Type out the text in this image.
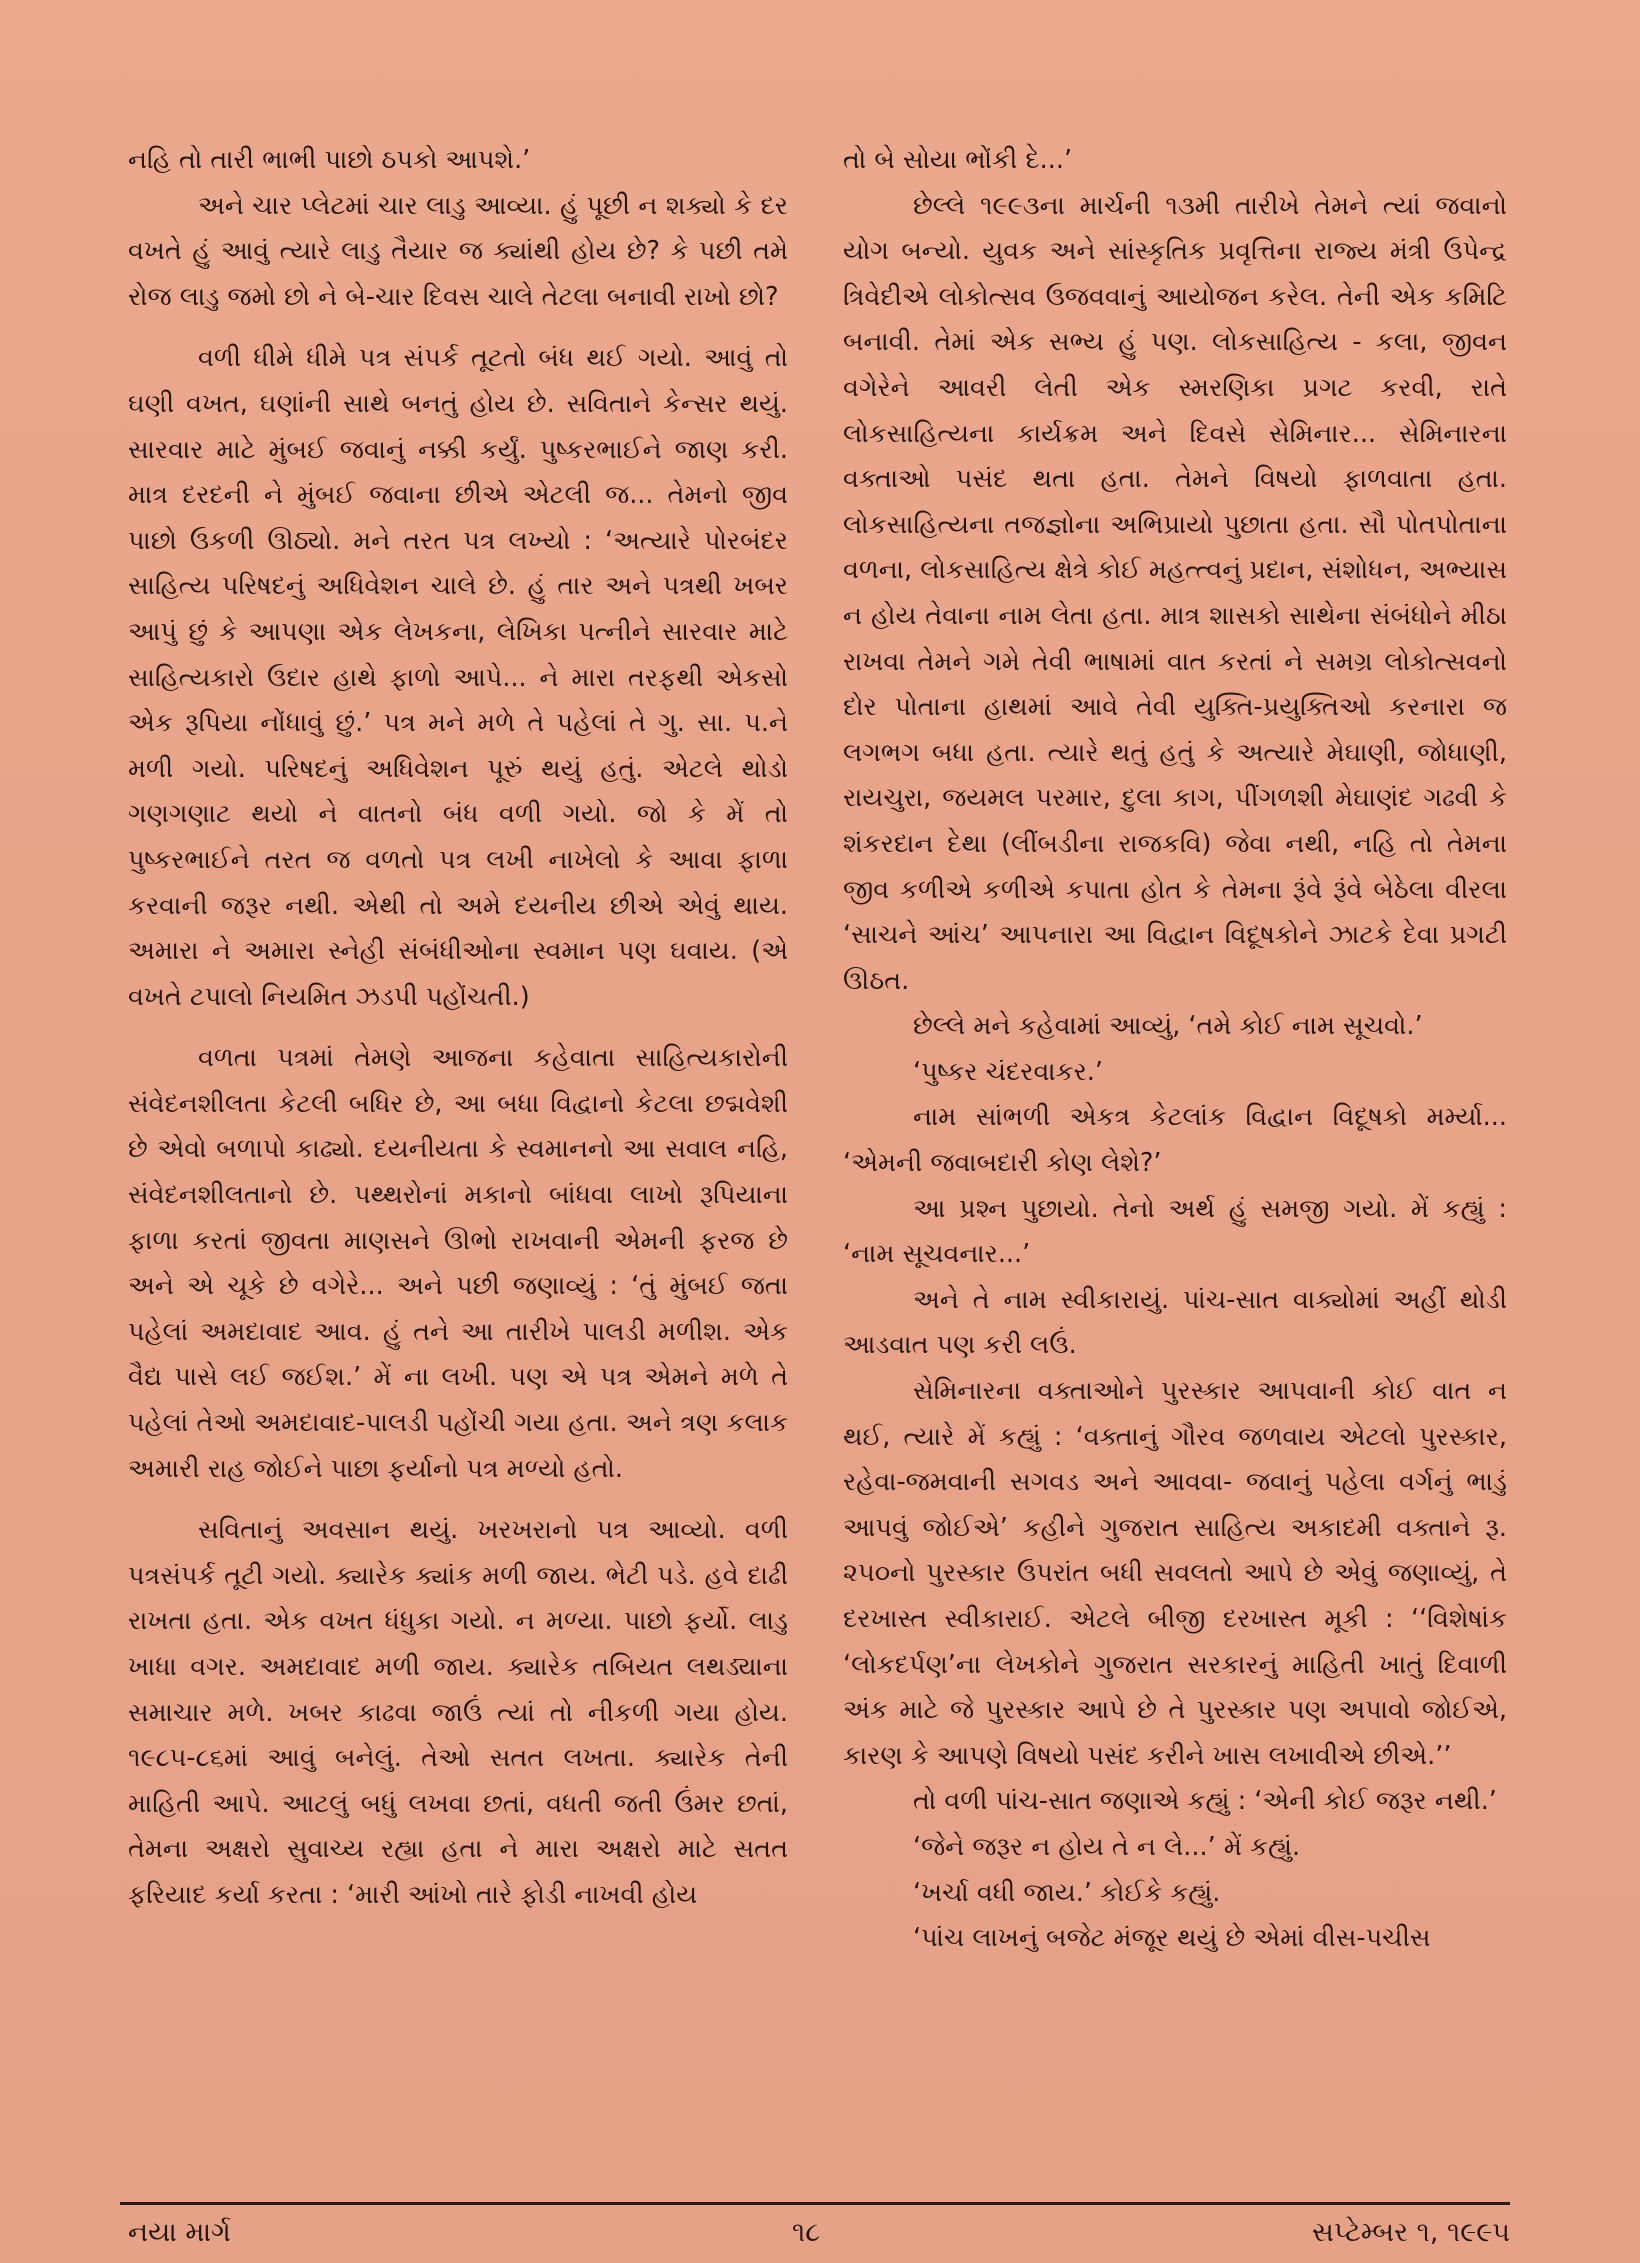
નહિ તો તારી ભાભી પાછો ઠપકો આપશે.’

અને ચાર પ્લેટમાં ચાર લાડુ આવ્યા. હું પૂછી ન શક્યો કે દર વખતે હું આવું ત્યારે લાડુ તૈયાર જ ક્યાંથી હોય છે? કે પછી તમે રોજ લાડુ જમો છો ને બે-ચાર દિવસ ચાલે તેટલા બનાવી રાખો છો?

વળી ધીમે ધીમે પત્ર સંપર્ક તૂટતો બંધ થઈ ગયો. આવું તો ઘણી વખત, ઘણાંની સાથે બનતું હોય છે. સવિતાને કેન્સર થયું. સારવાર માટે મુંબઈ જવાનું નક્કી કર્યું. પુષ્કરભાઈને જાણ કરી. માત્ર દરદની ને મુંબઈ જવાના છીએ એટલી જ... તેમનો જીવ પાછો ઉકળી ઊઠ્યો. મને તરત પત્ર લખ્યો : ‘અત્યારે પોરબંદર સાહિત્ય પરિષદનું અધિવેશન ચાલે છે. હું તાર અને પત્રથી ખબર આપું છું કે આપણા એક લેખકના, લેખિકા પત્નીને સારવાર માટે સાહિત્યકારો ઉદાર હાથે ફાળો આપે... ને મારા તરફથી એકસો એક રૂપિયા નોંધાવું છું.’ પત્ર મને મળે તે પહેલાં તે ગુ. સા. પ.ને મળી ગયો. પરિષદનું અધિવેશન પૂરું થયું હતું. એટલે થોડો ગણગણાટ થયો ને વાતનો બંધ વળી ગયો. જો કે મેં તો પુષ્કરભાઈને તરત જ વળતો પત્ર લખી નાખેલો કે આવા ફાળા કરવાની જરૂર નથી. એથી તો અમે દયનીય છીએ એવું થાય. અમારા ને અમારા સ્નેહી સંબંધીઓના સ્વમાન પણ ઘવાય. (એ વખતે ટપાલો નિયમિત ઝડપી પહોંચતી.)

વળતા પત્રમાં તેમણે આજના કહેવાતા સાહિત્યકારોની સંવેદનશીલતા કેટલી બધિર છે, આ બધા વિદ્વાનો કેટલા છદ્મવેશી છે એવો બળાપો કાઢ્યો. દયનીયતા કે સ્વમાનનો આ સવાલ નહિ, સંવેદનશીલતાનો છે. પથ્થરોનાં મકાનો બાંધવા લાખો રૂપિયાના ફાળા કરતાં જીવતા માણસને ઊભો રાખવાની એમની ફરજ છે અને એ ચૂકે છે વગેરે... અને પછી જણાવ્યું : ‘તું મુંબઈ જતા પહેલાં અમદાવાદ આવ. હું તને આ તારીખે પાલડી મળીશ. એક વૈદ્ય પાસે લઈ જઈશ.’ મેં ના લખી. પણ એ પત્ર એમને મળે તે પહેલાં તેઓ અમદાવાદ-પાલડી પહોંચી ગયા હતા. અને ત્રણ કલાક અમારી રાહ જોઈને પાછા ફર્યાનો પત્ર મળ્યો હતો.

સવિતાનું અવસાન થયું. ખરખરાનો પત્ર આવ્યો. વળી પત્રસંપર્ક તૂટી ગયો. ક્યારેક ક્યાંક મળી જાય. ભેટી પડે. હવે દાઢી રાખતા હતા. એક વખત ધંધુકા ગયો. ન મળ્યા. પાછો ફર્યો. લાડુ ખાધા વગર. અમદાવાદ મળી જાય. ક્યારેક તબિયત લથડ્યાના સમાચાર મળે. ખબર કાઢવા જાઉં ત્યાં તો નીકળી ગયા હોય. ૧૯૮૫-૮૬માં આવું બનેલું. તેઓ સતત લખતા. ક્યારેક તેની માહિતી આપે. આટલું બધું લખવા છતાં, વધતી જતી ઉંમર છતાં, તેમના અક્ષરો સુવાચ્ય રહ્યા હતા ને મારા અક્ષરો માટે સતત ફરિયાદ કર્યા કરતા : ‘મારી આંખો તારે ફોડી નાખવી હોય

તો બે સોયા ભોંકી દે...’

છેલ્લે ૧૯૯૩ના માર્ચની ૧૩મી તારીખે તેમને ત્યાં જવાનો યોગ બન્યો. યુવક અને સાંસ્કૃતિક પ્રવૃત્તિના રાજ્ય મંત્રી ઉપેન્દ્ર ત્રિવેદીએ લોકોત્સવ ઉજવવાનું આયોજન કરેલ. તેની એક કમિટિ બનાવી. તેમાં એક સભ્ય હું પણ. લોકસાહિત્ય - કલા, જીવન વગેરેને આવરી લેતી એક સ્મરણિકા પ્રગટ કરવી, રાતે લોકસાહિત્યના કાર્યક્રમ અને દિવસે સેમિનાર... સેમિનારના વક્તાઓ પસંદ થતા હતા. તેમને વિષયો ફાળવાતા હતા. લોકસાહિત્યના તજજ્ઞોના અભિપ્રાયો પુછાતા હતા. સૌ પોતપોતાના વળના, લોકસાહિત્ય ક્ષેત્રે કોઈ મહત્ત્વનું પ્રદાન, સંશોધન, અભ્યાસ ન હોય તેવાના નામ લેતા હતા. માત્ર શાસકો સાથેના સંબંધોને મીઠા રાખવા તેમને ગમે તેવી ભાષામાં વાત કરતાં ને સમગ્ર લોકોત્સવનો દોર પોતાના હાથમાં આવે તેવી યુક્તિ-પ્રયુક્તિઓ કરનારા જ લગભગ બધા હતા. ત્યારે થતું હતું કે અત્યારે મેઘાણી, જોધાણી, રાયચુરા, જયમલ પરમાર, દુલા કાગ, પીંગળશી મેઘાણંદ ગઢવી કે શંકરદાન દેથા (લીંબડીના રાજકવિ) જેવા નથી, નહિ તો તેમના જીવ કળીએ કળીએ કપાતા હોત કે તેમના રૂંવે રૂંવે બેઠેલા વીરલા ‘સાચને આંચ’ આપનારા આ વિદ્વાન વિદૂષકોને ઝાટકે દેવા પ્રગટી ઊઠત.

છેલ્લે મને કહેવામાં આવ્યું, ‘તમે કોઈ નામ સૂચવો.’

‘પુષ્કર ચંદરવાકર.’

નામ સાંભળી એકત્ર કેટલાંક વિદ્વાન વિદૂષકો મર્મ્યા... ‘એમની જવાબદારી કોણ લેશે?’

આ પ્રશ્ન પુછાયો. તેનો અર્થ હું સમજી ગયો. મેં કહ્યું : ‘નામ સૂચવનાર...’

અને તે નામ સ્વીકારાયું. પાંચ-સાત વાક્યોમાં અહીં થોડી આડવાત પણ કરી લઉં.

સેમિનારના વક્તાઓને પુરસ્કાર આપવાની કોઈ વાત ન થઈ, ત્યારે મેં કહ્યું : ‘વક્તાનું ગૌરવ જળવાય એટલો પુરસ્કાર, રહેવા-જમવાની સગવડ અને આવવા- જવાનું પહેલા વર્ગનું ભાડું આપવું જોઈએ’ કહીને ગુજરાત સાહિત્ય અકાદમી વક્તાને રૂ. ૨૫૦નો પુરસ્કાર ઉપરાંત બધી સવલતો આપે છે એવું જણાવ્યું, તે દરખાસ્ત સ્વીકારાઈ. એટલે બીજી દરખાસ્ત મૂકી : ‘‘વિશેષાંક ‘લોકદર્પણ’ના લેખકોને ગુજરાત સરકારનું માહિતી ખાતું દિવાળી અંક માટે જે પુરસ્કાર આપે છે તે પુરસ્કાર પણ અપાવો જોઈએ, કારણ કે આપણે વિષયો પસંદ કરીને ખાસ લખાવીએ છીએ.’’

તો વળી પાંચ-સાત જણાએ કહ્યું : ‘એની કોઈ જરૂર નથી.’

‘જેને જરૂર ન હોય તે ન લે...’ મેં કહ્યું.

‘ખર્ચા વધી જાય.’ કોઈકે કહ્યું.

‘પાંચ લાખનું બજેટ મંજૂર થયું છે એમાં વીસ-પચીસ

નયા માર્ગ	૧૮	સપ્ટેમ્બર ૧, ૧૯૯૫
